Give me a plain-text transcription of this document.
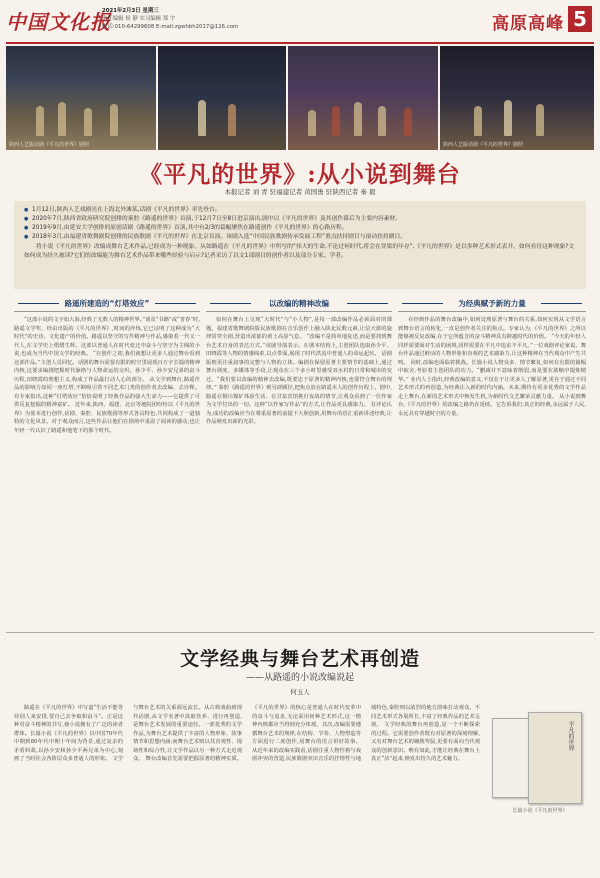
中国文化报
2021年2月3日 星期三
责任编辑 侯 静 实习编辑 郑 宇
电话:010-64299608 E-mail:zgwhbh2017@126.com	高原高峰 5
陕西人艺版话剧《平凡的世界》剧照	陕西人艺版话剧《平凡的世界》剧照
《平凡的世界》:从小说到舞台
本报记者 刘 青 驻福建记者 黄国勇 驻陕西记者 秦 毅
● 1月12日,陕西人艺戏剧亮在上海北外滩某,话剧《平凡的世界》率先登台。
● 2020年7月,陕西省政府研究院创排的秦腔《路遥的世界》首演,于12月7日至8日进京演出,剧中以《平凡的世界》及其创作幕后为主要内容素材。
● 2019年9月,由延安大学创排的原创话剧《路遥的世界》首演,其中有2/3的篇幅聚焦在路遥创作《平凡的世界》的心路历程。
● 2018年3月,由福建省歌舞剧院创排的民族歌剧《平凡的世界》在北京首演。该剧入选“中国民族歌剧传承发展工程”重点扶持剧目与滚动扶持剧目。
将小说《平凡的世界》改编成舞台艺术作品,已经成为一种现象。从如路遥在《平凡的世界》中所写的“伟大的生命,不论过何时代,将会在穿梁的年存”,《平凡的世界》是以多种艺术形式表并。如何看待这种现象?文如何成为经久被读?它们的改编能为舞台艺术作品带来哪些经验与启示?记者采访了以文1部剧目的创作者以及部分专家、学者。
路遥所建造的“灯塔效应”	以改编的精神改编	为经典赋予新的力量

“这部小说的文字如大海,经典了无数人的精神世界。”谈及“书籍”或“青春”时,路遥文学奖、经由出版的《平凡的世界》,时间的淬炼,它已证明了这种成为“大时代”的史诗。文化遗产的价值。路遥以坚守的写作精神与作品,感染着一代又一代人,在文学史上熠熠生辉。这部以普通人在时代变迁中奋斗与坚守为主线的小说,也成为当代中国文学的经典。 “在创作之初,我们就想让更多人通过舞台看到这部作品。”主创人员回忆。话剧的舞台需要有限的时空里展现百万字长篇的精神内核,这要求编剧把握时代脉络与人物命运的交织。孙少平、孙少安兄弟的奋斗历程,田晓霞的理想主义,构成了作品最打动人心的部分。 从文学到舞台,路遥作品的影响力如同一座灯塔,不断吸引着不同艺术门类的创作者去改编、去诠释。有专家指出,这种“灯塔效应”恰恰说明了经典作品的强大生命力——它提供了可供反复挖掘的精神富矿。 近年来,陕西、福建、北京等地院团纷纷以《平凡的世界》为蓝本进行创作,话剧、秦腔、民族歌剧等形式各具特色,共同构成了一道独特的文化风景。对于观众而言,这些作品让他们在剧场中重温了阅读的感动,也让年轻一代认识了路遥和他笔下的那个时代。

如何在舞台上呈现“大时代”与“小人物”,是每一部改编作品必须面对的课题。福建省歌舞剧院版民族歌剧在音乐创作上融入陕北民歌元素,让信天游的旋律贯穿全剧,营造出浓郁的黄土高原气息。 “改编不是简单地复述,而是要找到舞台艺术自身的表达方式。”该剧导演表示。在剧本结构上,主创团队选取孙少平、田晓霞等人物的情感线索,以点带面,展现了时代洪流中普通人的命运起伏。 话剧版则更注重叙事的完整与人物的立体。编剧在保留原著主要情节的基础上,通过舞台调度、多媒体等手段,让观众在三个多小时里感受双水村的日常和城市的变迁。“我们要以改编的精神去改编,既要忠于原著的精神内核,也要符合舞台的规律。” 秦腔《路遥的世界》则另辟蹊径,把焦点放在路遥本人的创作历程上。剧中,路遥在铜川煤矿体验生活、在甘泉宾馆挑灯夜战的情节,让观众看到了一位作家为文学付出的一切。这种“以作家写作品”的方式,让作品更具感染力。 有评论认为,成功的改编应当在尊重原著的前提下大胆创新,用舞台的语汇重新讲述经典,让作品焕发出新的光彩。

在经典作品的舞台改编中,如何处理原著与舞台的关系,如何实现从文学语言到舞台语言的转化,一直是创作者关注的焦点。专家认为,《平凡的世界》之所以能够被反复改编,在于它所蕴含的奋斗精神具有跨越时代的价值。 “今天的年轻人同样需要面对生活的困境,同样需要在平凡中追求不平凡。”一位戏剧评论家说。舞台作品通过鲜活的人物形象和直观的艺术感染力,让这种精神在当代观众中产生共鸣。 同时,改编也面临着挑战。长篇小说人物众多、情节繁复,如何在有限的篇幅中取舍,考验着主创团队的功力。“删减并不意味着削弱,而是要在浓缩中提炼精华。” 业内人士指出,经典改编的意义,不仅在于让更多人了解原著,更在于通过不同艺术形式的再创造,为经典注入新的时代内涵。未来,期待有更多优秀的文学作品走上舞台,在新的艺术形式中焕发生机,为新时代文艺繁荣贡献力量。 从小说到舞台,《平凡的世界》的改编之路仍在延续。它告诉我们:真正的经典,永远属于人民,永远具有穿越时空的力量。

文学经典与舞台艺术再创造
——从路遥的小说改编说起
何玉人

路遥在《平凡的世界》中写道“生活不能等待别人来安排,要自己去争取和奋斗”。正是这种对奋斗精神的书写,使小说拥有了广泛的读者群体。长篇小说《平凡的世界》以中国70年代中期到80年代中期十年间为背景,通过复杂的矛盾纠葛,以孙少安和孙少平两兄弟为中心,刻画了当时社会各阶层众多普通人的形象。 文学与舞台艺术的关系源远流长。从古典戏曲到现代话剧,从文学名著中汲取营养、进行再创造,是舞台艺术发展的重要途径。一部优秀的文学作品,为舞台艺术提供了丰富的人物形象、故事情节和思想内涵;而舞台艺术则以其直观性、现场性和综合性,让文学作品以另一种方式走近观众。 舞台改编首先需要把握原著的精神实质。《平凡的世界》的核心是普通人在时代变革中的奋斗与追求,无论采用何种艺术形式,这一精神内核都应当得到充分体现。其次,改编需要遵循舞台艺术的规律,在结构、节奏、人物塑造等方面进行二度创作,用舞台的语言讲好故事。 从近年来的改编实践看,话剧注重人物性格与戏剧冲突的营造,民族歌剧突出音乐的抒情性与地域特色,秦腔则以浓烈的地方韵味打动观众。不同艺术形式各展所长,丰富了经典作品的艺术呈现。 文学经典的舞台再创造,是一个不断探索的过程。它需要创作者既有对原著的深刻理解,又有对舞台艺术的娴熟驾驭,更要有面向当代观众的创新意识。唯有如此,才能让经典在舞台上真正“活”起来,焕发出持久的艺术魅力。

平凡的世界
长篇小说《平凡的世界》
